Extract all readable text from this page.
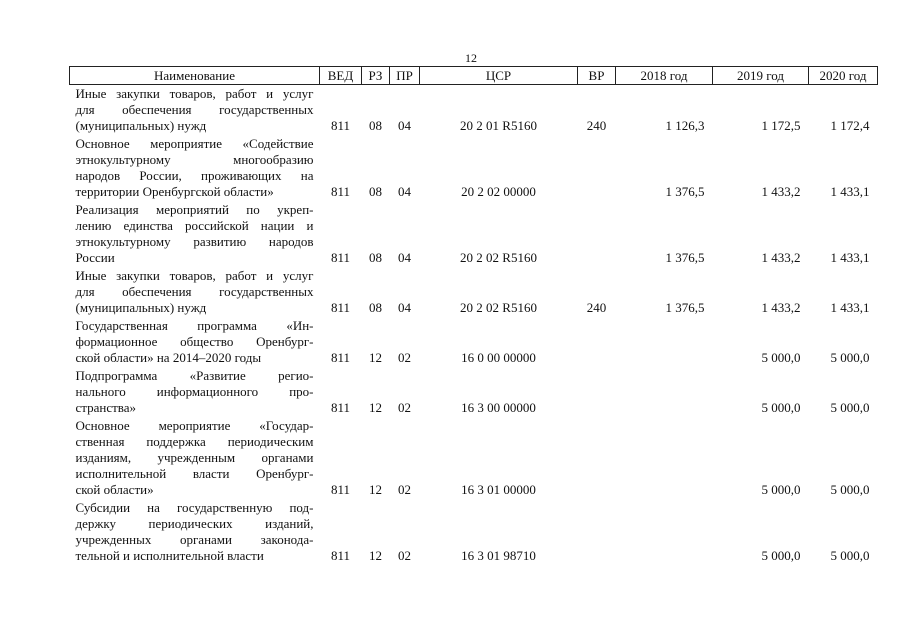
12
Наименование	ВЕД	РЗ	ПР	ЦСР	ВР	2018 год	2019 год	2020 год

Иные закупки товаров, работ и услуг
для обеспечения государственных
(муниципальных) нужд	811	08	04	20 2 01 R5160	240	1 126,3	1 172,5	1 172,4

Основное мероприятие «Содействие
этнокультурному многообразию
народов России, проживающих на
территории Оренбургской области»	811	08	04	20 2 02 00000		1 376,5	1 433,2	1 433,1

Реализация мероприятий по укреп-
лению единства российской нации и
этнокультурному развитию народов
России	811	08	04	20 2 02 R5160		1 376,5	1 433,2	1 433,1

Иные закупки товаров, работ и услуг
для обеспечения государственных
(муниципальных) нужд	811	08	04	20 2 02 R5160	240	1 376,5	1 433,2	1 433,1

Государственная программа «Ин-
формационное общество Оренбург-
ской области» на 2014–2020 годы	811	12	02	16 0 00 00000			5 000,0	5 000,0

Подпрограмма «Развитие регио-
нального информационного про-
странства»	811	12	02	16 3 00 00000			5 000,0	5 000,0

Основное мероприятие «Государ-
ственная поддержка периодическим
изданиям, учрежденным органами
исполнительной власти Оренбург-
ской области»	811	12	02	16 3 01 00000			5 000,0	5 000,0

Субсидии на государственную под-
держку периодических изданий,
учрежденных органами законода-
тельной и исполнительной власти	811	12	02	16 3 01 98710			5 000,0	5 000,0
